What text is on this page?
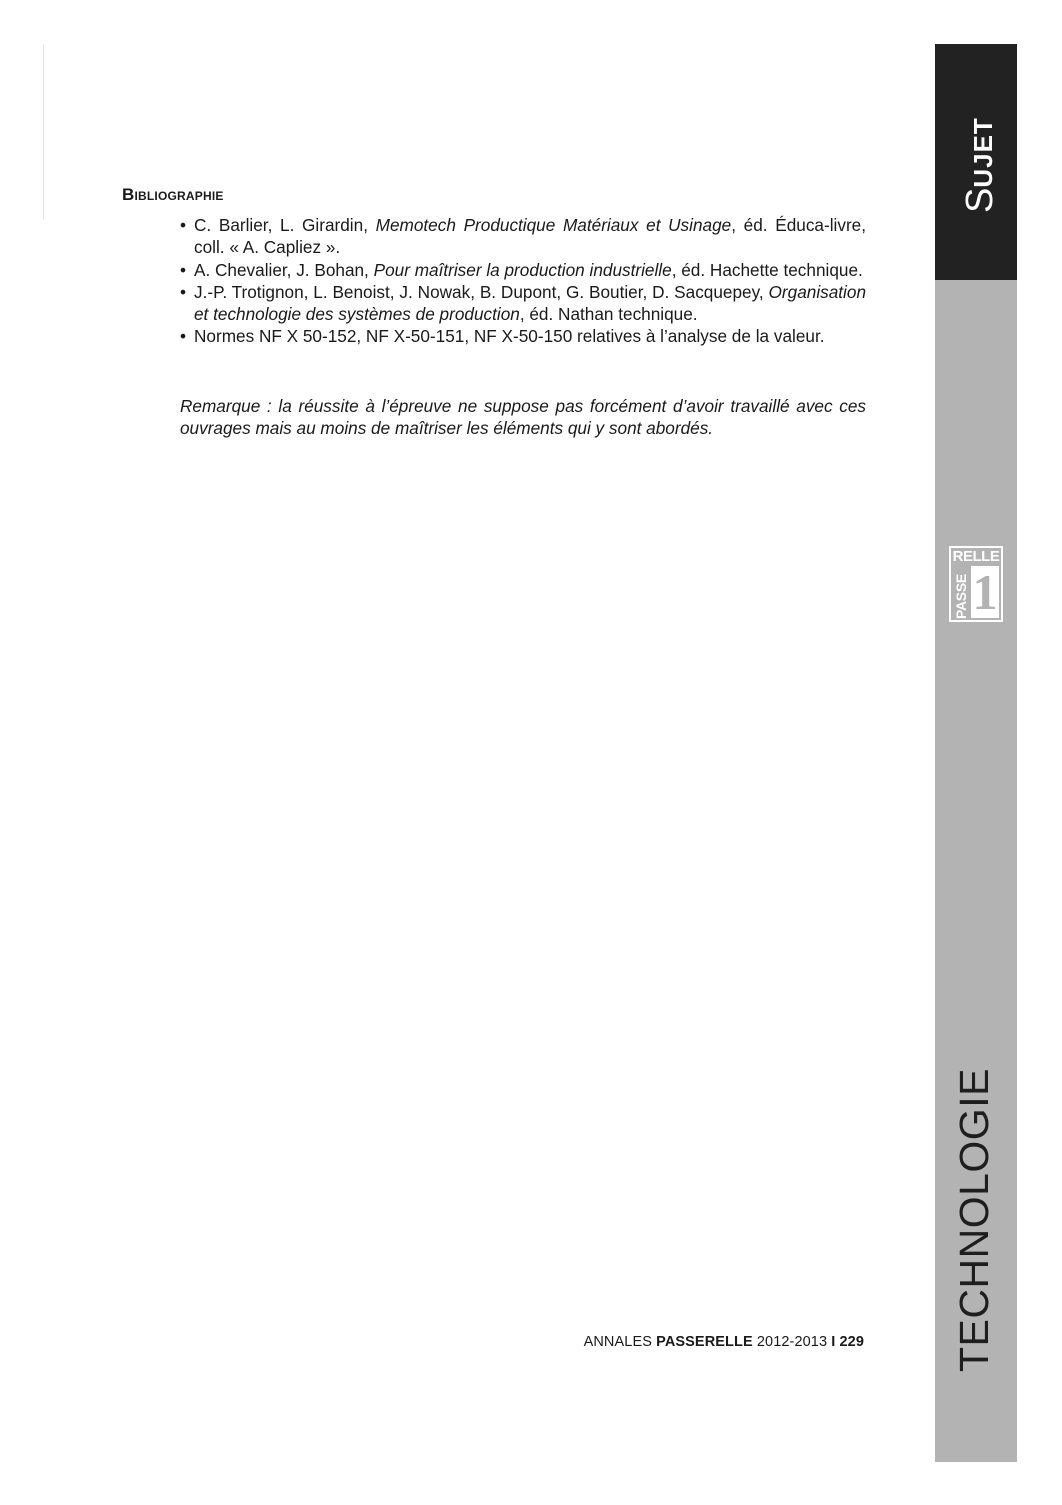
Bibliographie
• C. Barlier, L. Girardin, Memotech Productique Matériaux et Usinage, éd. Éduca-livre, coll. « A. Capliez ».
• A. Chevalier, J. Bohan, Pour maîtriser la production industrielle, éd. Hachette technique.
• J.-P. Trotignon, L. Benoist, J. Nowak, B. Dupont, G. Boutier, D. Sacquepey, Organisation et technologie des systèmes de production, éd. Nathan technique.
• Normes NF X 50-152, NF X-50-151, NF X-50-150 relatives à l’analyse de la valeur.

Remarque : la réussite à l’épreuve ne suppose pas forcément d’avoir travaillé avec ces ouvrages mais au moins de maîtriser les éléments qui y sont abordés.

ANNALES PASSERELLE 2012-2013 I 229
SUJET
RELLE
PASSE 1
TECHNOLOGIE
